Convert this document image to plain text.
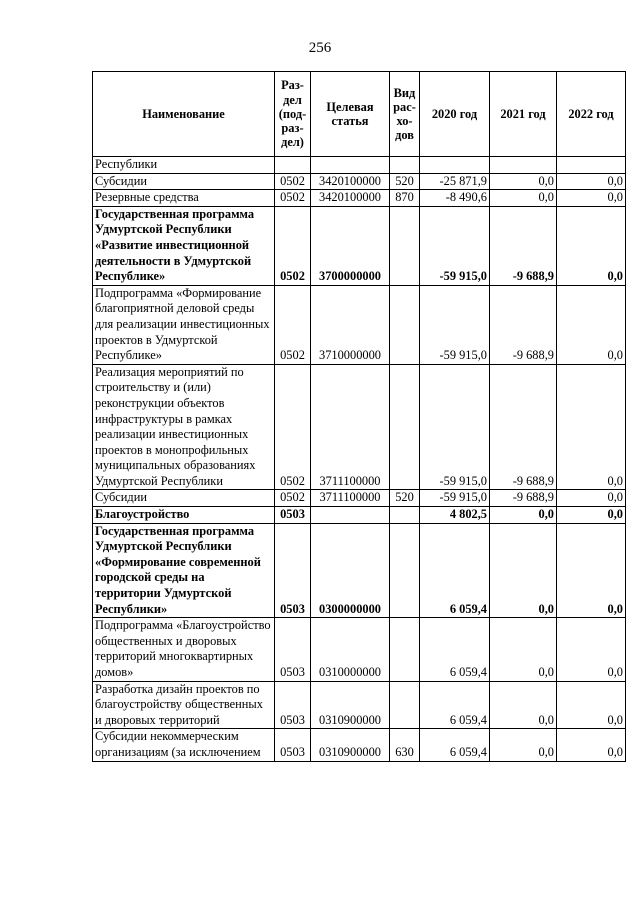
256
Наименование	Раз-дел (под-раз-дел)	Целевая статья	Вид рас-хо-дов	2020 год	2021 год	2022 год
Республики						
Субсидии	0502	3420100000	520	-25 871,9	0,0	0,0
Резервные средства	0502	3420100000	870	-8 490,6	0,0	0,0
Государственная программа Удмуртской Республики «Развитие инвестиционной деятельности в Удмуртской Республике»	0502	3700000000		-59 915,0	-9 688,9	0,0
Подпрограмма «Формирование благоприятной деловой среды для реализации инвестиционных проектов в Удмуртской Республике»	0502	3710000000		-59 915,0	-9 688,9	0,0
Реализация мероприятий по строительству и (или) реконструкции объектов инфраструктуры в рамках реализации инвестиционных проектов в монопрофильных муниципальных образованиях Удмуртской Республики	0502	3711100000		-59 915,0	-9 688,9	0,0
Субсидии	0502	3711100000	520	-59 915,0	-9 688,9	0,0
Благоустройство	0503			4 802,5	0,0	0,0
Государственная программа Удмуртской Республики «Формирование современной городской среды на территории Удмуртской Республики»	0503	0300000000		6 059,4	0,0	0,0
Подпрограмма «Благоустройство общественных и дворовых территорий многоквартирных домов»	0503	0310000000		6 059,4	0,0	0,0
Разработка дизайн проектов по благоустройству общественных и дворовых территорий	0503	0310900000		6 059,4	0,0	0,0
Субсидии некоммерческим организациям (за исключением	0503	0310900000	630	6 059,4	0,0	0,0
